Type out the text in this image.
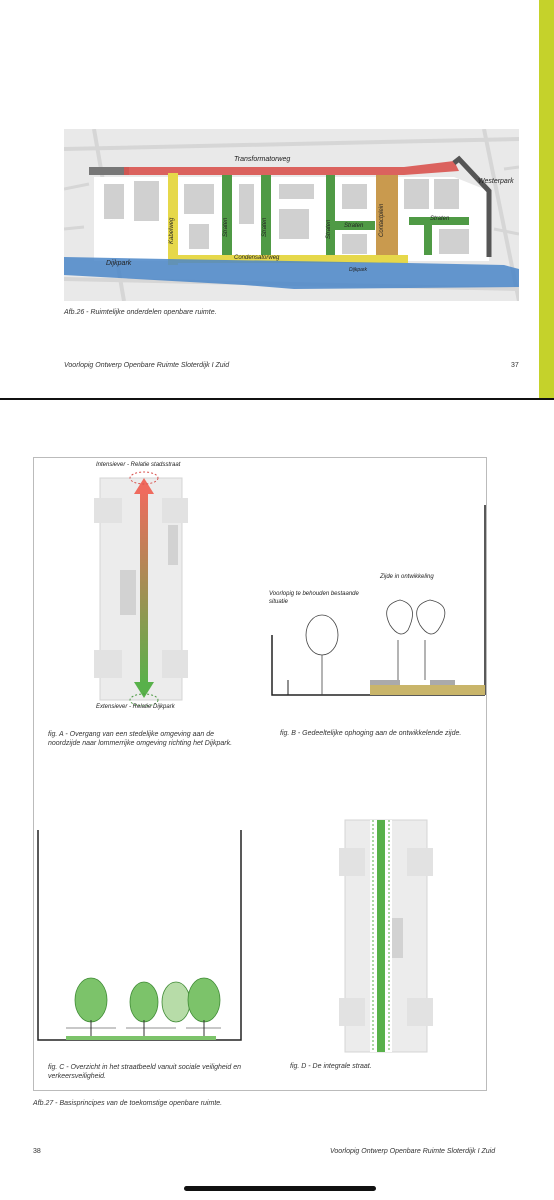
Transformatorweg
Westerpark
Kabelweg	Straten	Straten	Straten Straten	Contactplein	Straten
Dijkpark
Condensatorweg
Dijkpark
Afb.26 - Ruimtelijke onderdelen openbare ruimte.
Voorlopig Ontwerp Openbare Ruimte Sloterdijk I Zuid	37
Intensiever - Relatie stadsstraat
Extensiever - Relatie Dijkpark
fig. A - Overgang van een stedelijke omgeving aan de noordzijde naar lommerrijke omgeving richting het Dijkpark.
Voorlopig te behouden bestaande situatie
Zijde in ontwikkeling
fig. B - Gedeeltelijke ophoging aan de ontwikkelende zijde.
fig. C - Overzicht in het straatbeeld vanuit sociale veiligheid en verkeersveiligheid.
fig. D - De integrale straat.
Afb.27 - Basisprincipes van de toekomstige openbare ruimte.
38	Voorlopig Ontwerp Openbare Ruimte Sloterdijk I Zuid
